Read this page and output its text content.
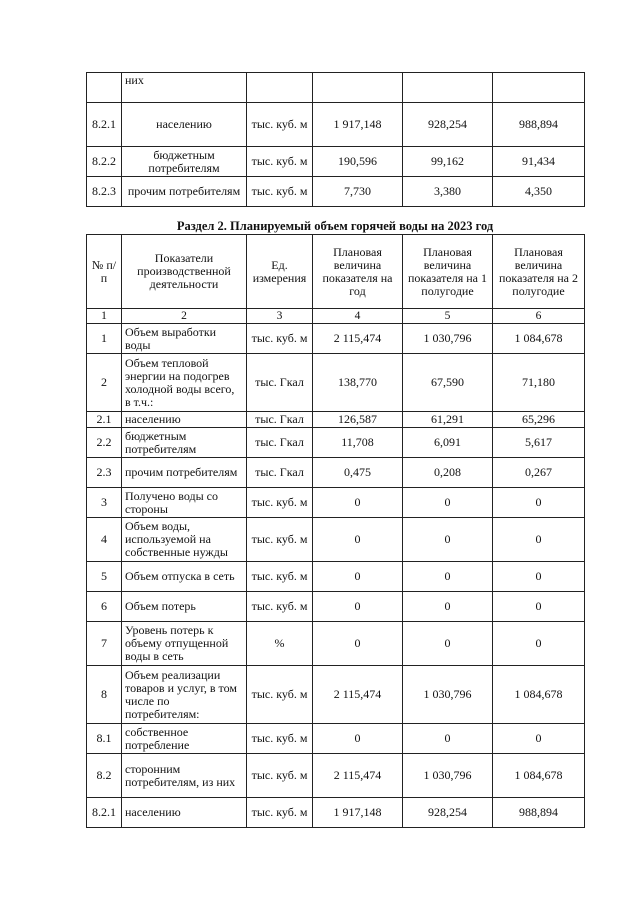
	них				
8.2.1	населению	тыс. куб. м	1 917,148	928,254	988,894
8.2.2	бюджетным потребителям	тыс. куб. м	190,596	99,162	91,434
8.2.3	прочим потребителям	тыс. куб. м	7,730	3,380	4,350
Раздел 2. Планируемый объем горячей воды на 2023 год
№ п/п	Показатели производственной деятельности	Ед. измерения	Плановая величина показателя на год	Плановая величина показателя на 1 полугодие	Плановая величина показателя на 2 полугодие
1	2	3	4	5	6
1	Объем выработки воды	тыс. куб. м	2 115,474	1 030,796	1 084,678
2	Объем тепловой энергии на подогрев холодной воды всего, в т.ч.:	тыс. Гкал	138,770	67,590	71,180
2.1	населению	тыс. Гкал	126,587	61,291	65,296
2.2	бюджетным потребителям	тыс. Гкал	11,708	6,091	5,617
2.3	прочим потребителям	тыс. Гкал	0,475	0,208	0,267
3	Получено воды со стороны	тыс. куб. м	0	0	0
4	Объем воды, используемой на собственные нужды	тыс. куб. м	0	0	0
5	Объем отпуска в сеть	тыс. куб. м	0	0	0
6	Объем потерь	тыс. куб. м	0	0	0
7	Уровень потерь к объему отпущенной воды в сеть	%	0	0	0
8	Объем реализации товаров и услуг, в том числе по потребителям:	тыс. куб. м	2 115,474	1 030,796	1 084,678
8.1	собственное потребление	тыс. куб. м	0	0	0
8.2	сторонним потребителям, из них	тыс. куб. м	2 115,474	1 030,796	1 084,678
8.2.1	населению	тыс. куб. м	1 917,148	928,254	988,894
